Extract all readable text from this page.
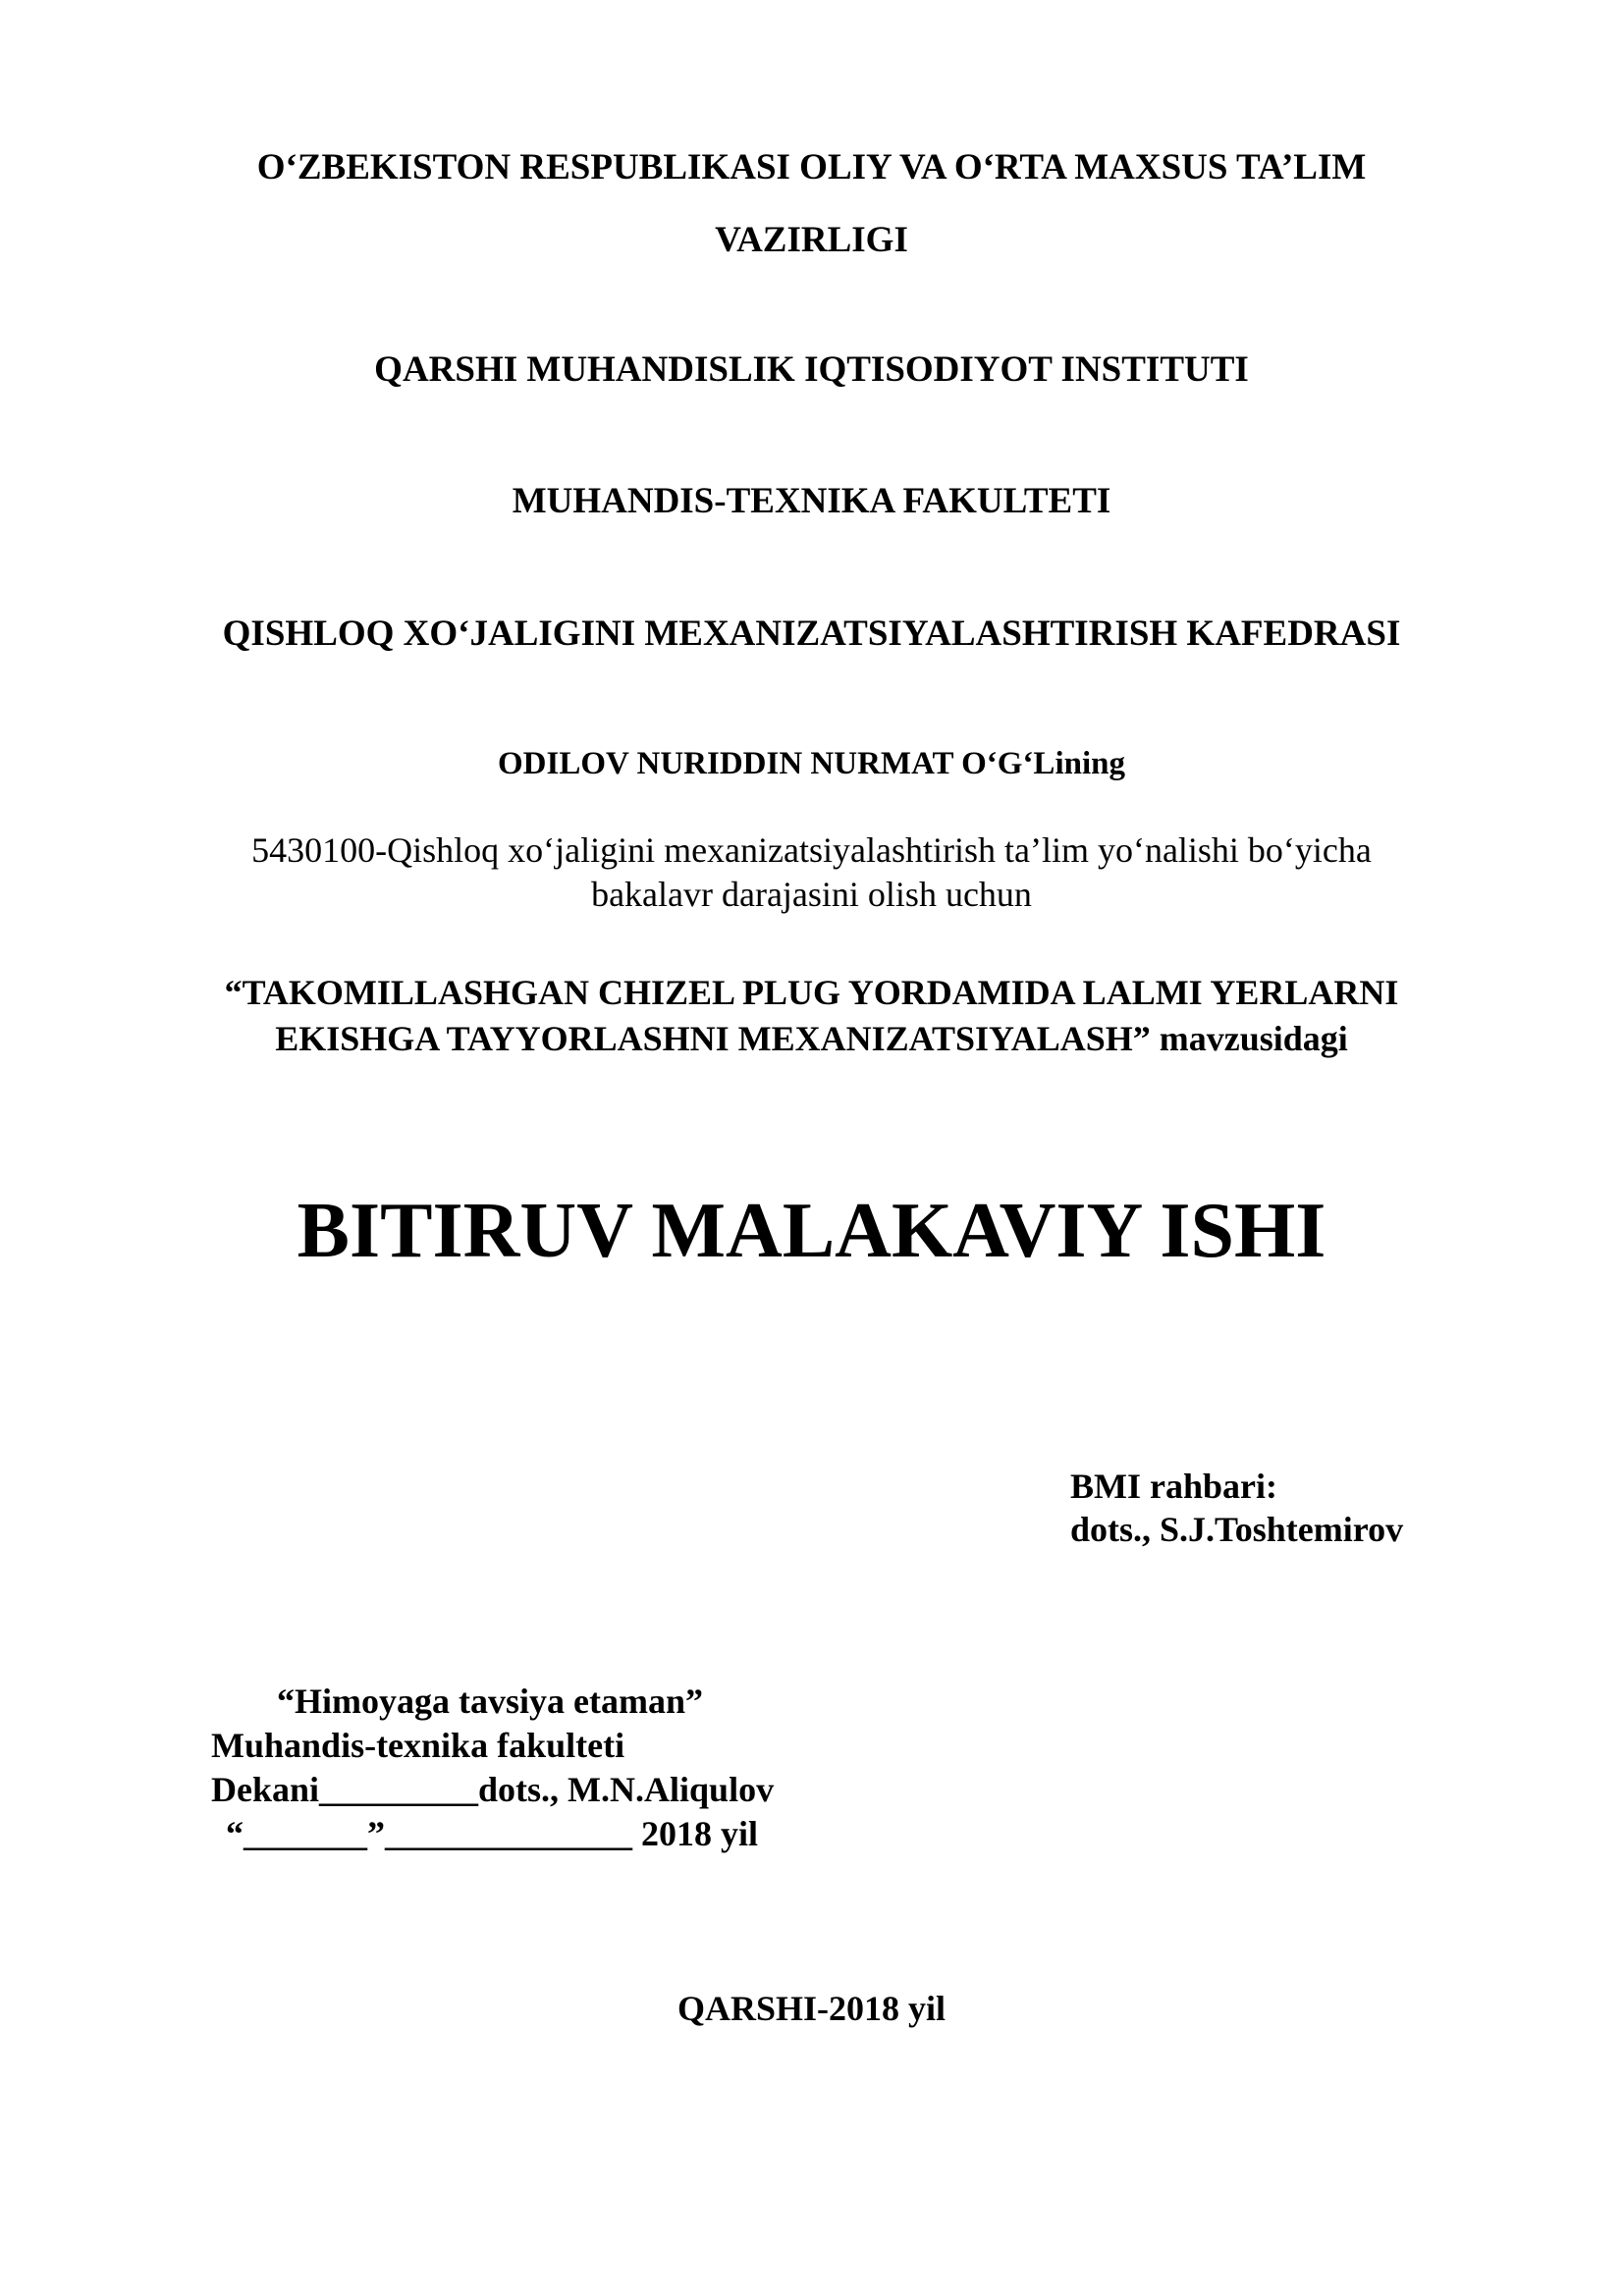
O‘ZBEKISTON RESPUBLIKASI OLIY VA O‘RTA MAXSUS TA’LIM
VAZIRLIGI
QARSHI MUHANDISLIK IQTISODIYOT INSTITUTI
MUHANDIS-TEXNIKA FAKULTETI
QISHLOQ XO‘JALIGINI MEXANIZATSIYALASHTIRISH KAFEDRASI
ODILOV NURIDDIN NURMAT O‘G‘Lining
5430100-Qishloq xo‘jaligini mexanizatsiyalashtirish ta’lim yo‘nalishi bo‘yicha
bakalavr darajasini olish uchun
“TAKOMILLASHGAN CHIZEL PLUG YORDAMIDA LALMI YERLARNI
EKISHGA TAYYORLASHNI MEXANIZATSIYALASH” mavzusidagi
BITIRUV MALAKAVIY ISHI
BMI rahbari:
dots., S.J.Toshtemirov
“Himoyaga tavsiya etaman”
Muhandis-texnika fakulteti
Dekani_________dots., M.N.Aliqulov
“_______”______________ 2018 yil
QARSHI-2018 yil
